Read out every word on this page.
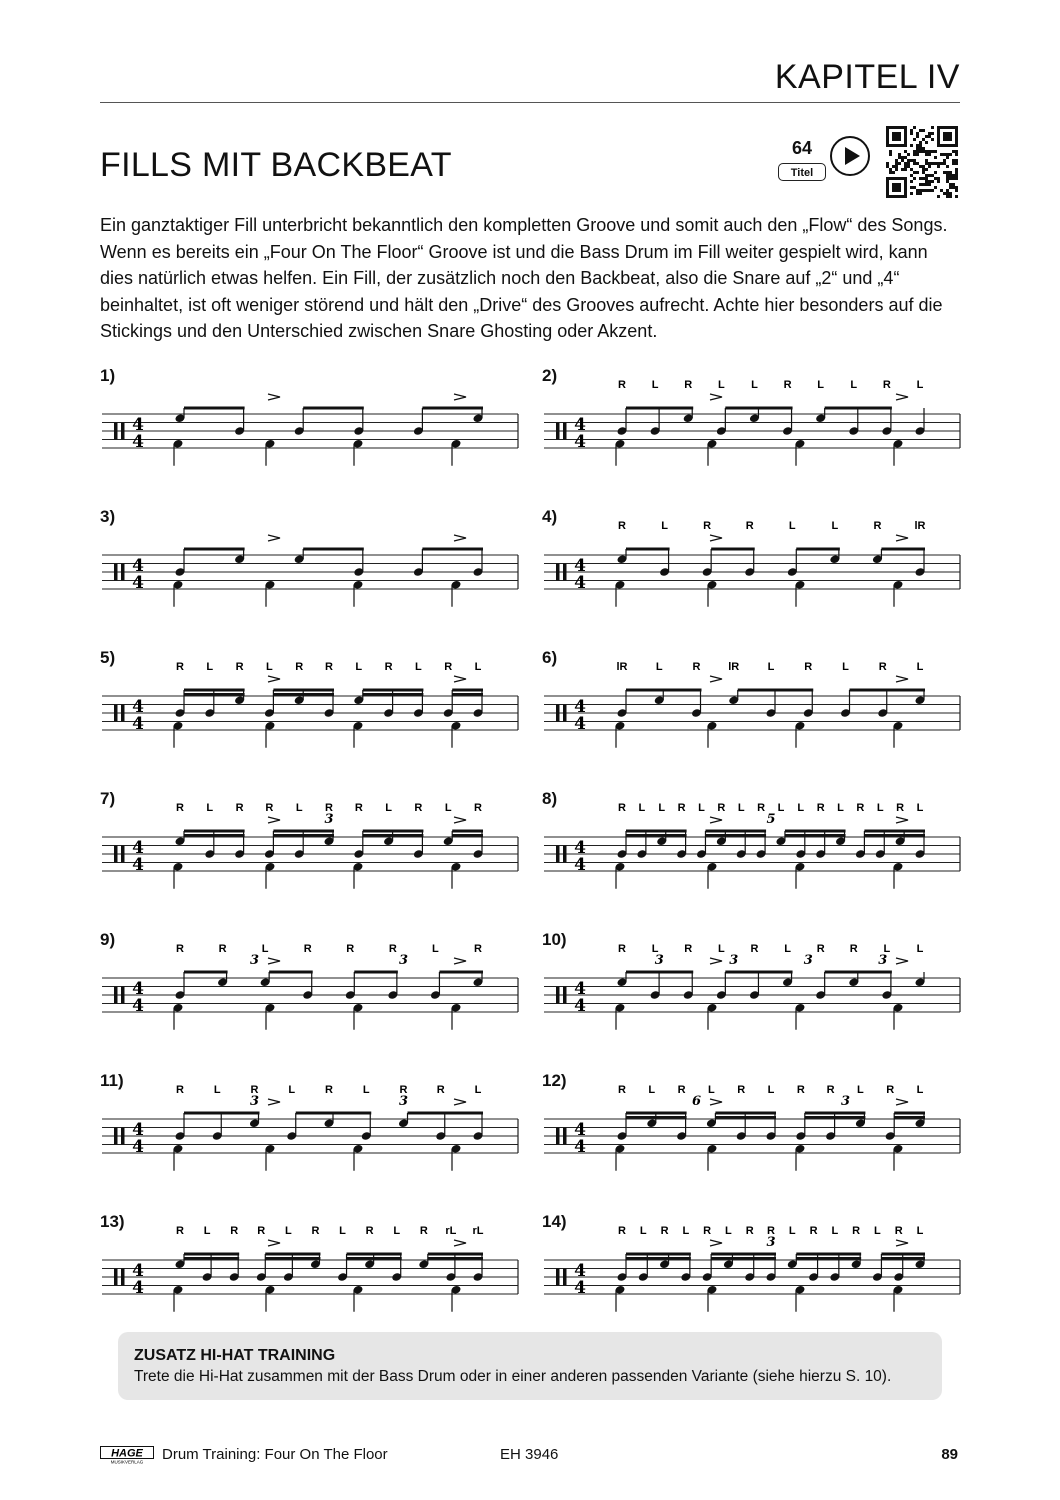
KAPITEL IV
FILLS MIT BACKBEAT	64
Titel

Ein ganztaktiger Fill unterbricht bekanntlich den kompletten Groove und somit auch den „Flow“ des Songs. Wenn es bereits ein „Four On The Floor“ Groove ist und die Bass Drum im Fill weiter gespielt wird, kann dies natürlich etwas helfen. Ein Fill, der zusätzlich noch den Backbeat, also die Snare auf „2“ und „4“ beinhaltet, ist oft weniger störend und hält den „Drive“ des Grooves aufrecht. Achte hier besonders auf die Stickings und den Unterschied zwischen Snare Ghosting oder Akzent.

1)
4
4
2)
4
4
R L R L L R L L R L
3)
4
4
4)
4
4
R	L	R	R	L	L	R	lR
5)
4
4
R L R L R R L R L R L	6)
4
4
lR	L	R	lR	L	R	L	R	L
7)
4
4
R L R R L R R L R L R
3
8)
4
4
R L L R L R L R L L R L R L R L
5
9)
4
4
R	R	L	R	R	R	L	R
3	3
10)
4
4
R L R L R L R R L L
3	3	3	3
11)
4
4
R	L	R	L	R	L	R	R	L
3	3
12)
4
4
R L R L R L R R L R L
6	3
13)
4
4
R L R R L R L R L R rL rL	14)
4
4
R L R L R L R R L R L R L R L
3
ZUSATZ HI-HAT TRAINING
Trete die Hi-Hat zusammen mit der Bass Drum oder in einer anderen passenden Variante (siehe hierzu S. 10).
HAGE
MUSIKVERLAG Drum Training: Four On The Floor	EH 3946	89
